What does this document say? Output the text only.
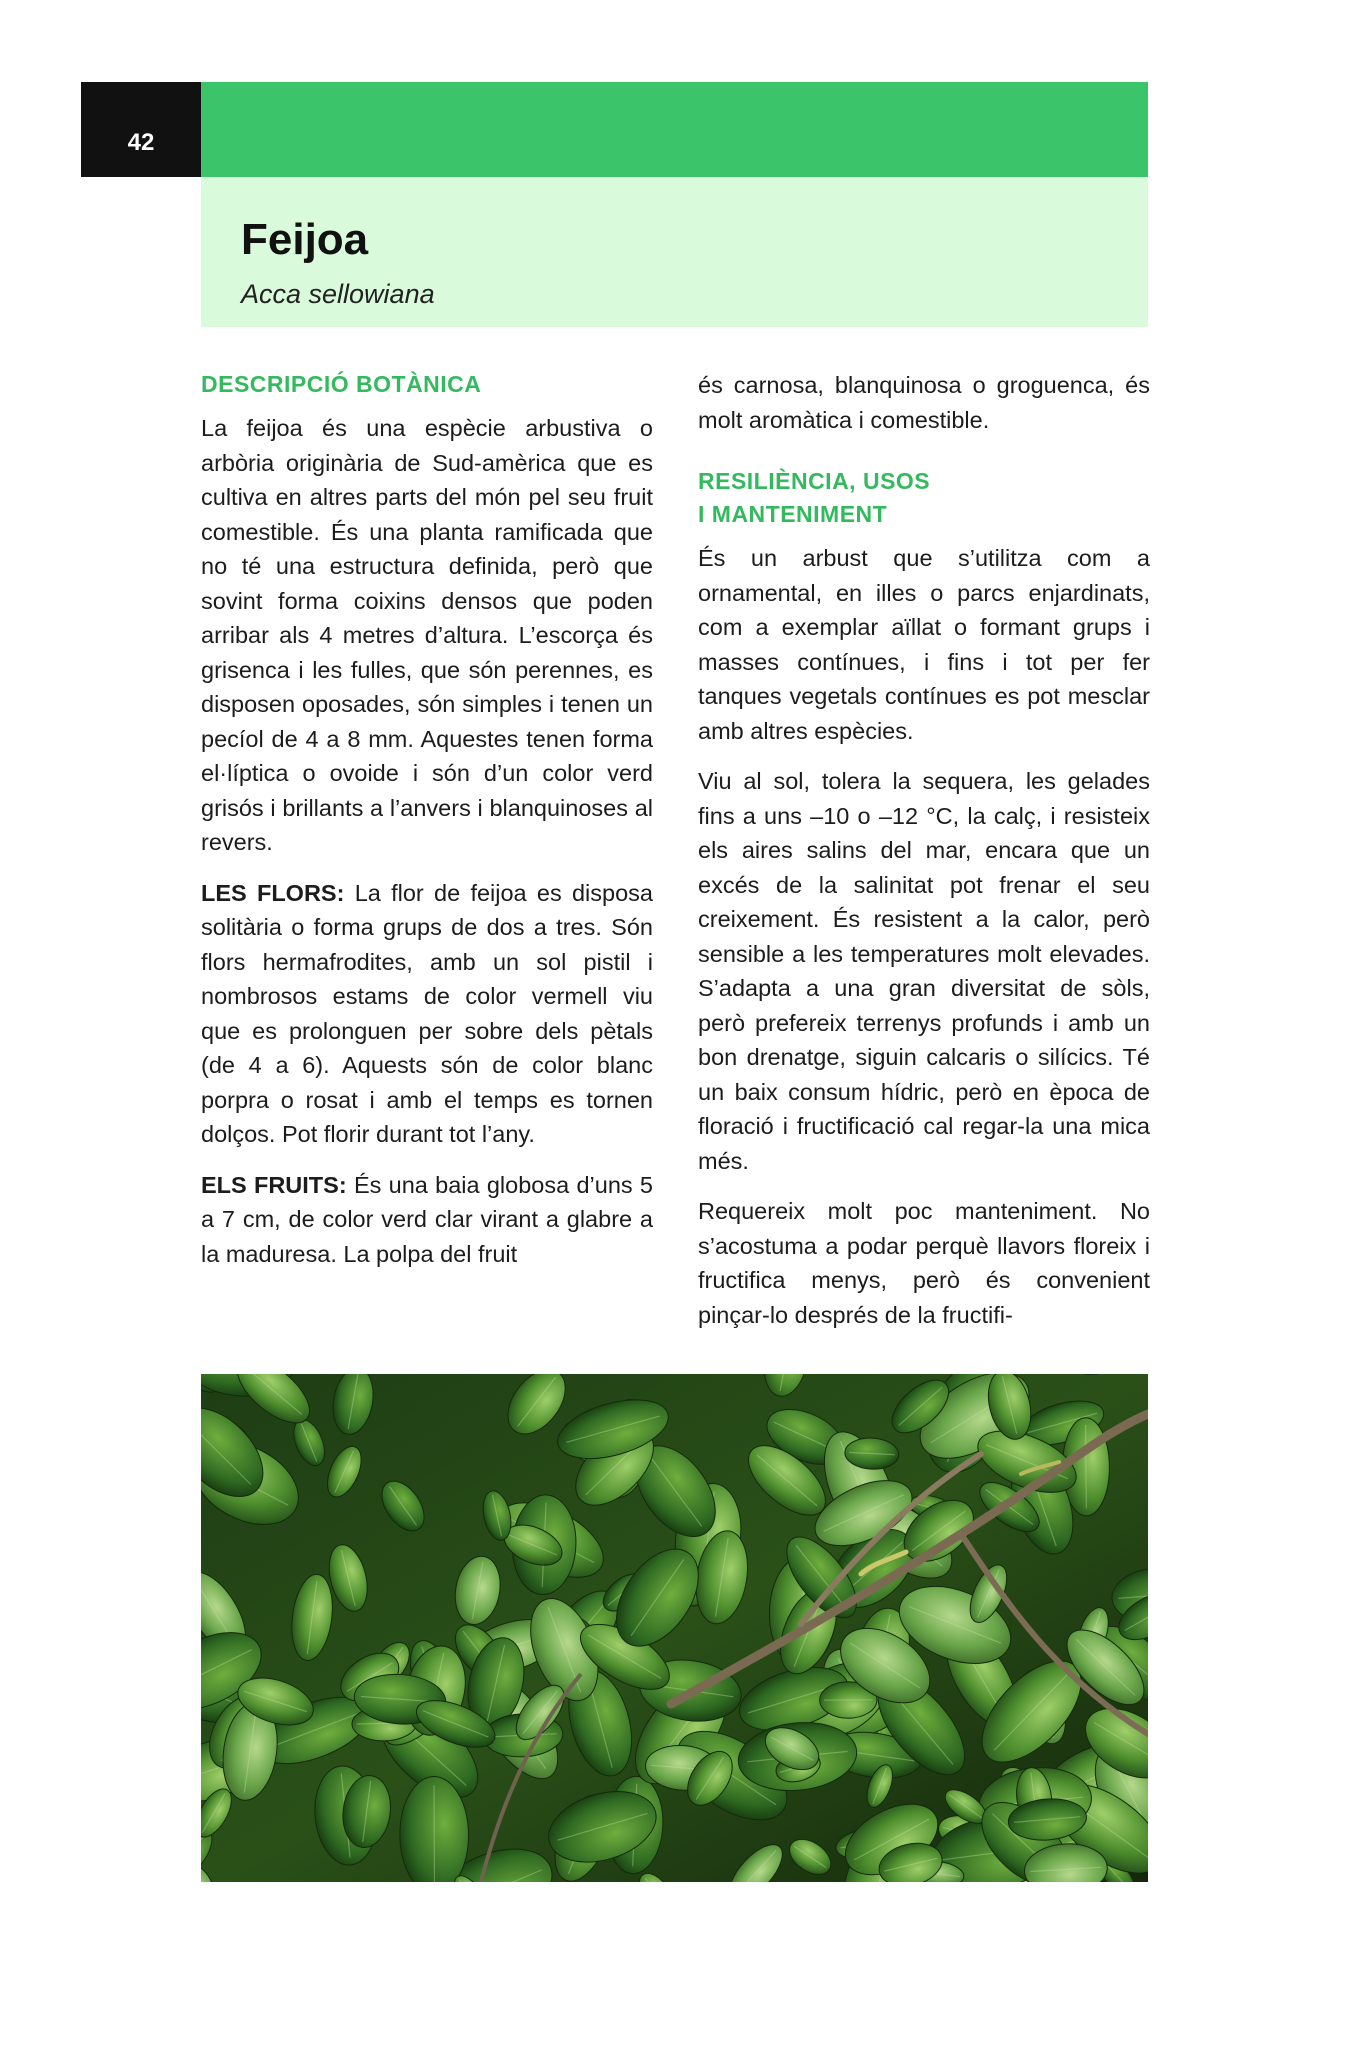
42
Feijoa

Acca sellowiana

DESCRIPCIÓ BOTÀNICA

La feijoa és una espècie arbustiva o arbòria originària de Sud-amèrica que es cultiva en altres parts del món pel seu fruit comestible. És una planta ramificada que no té una estructura definida, però que sovint forma coixins densos que poden arribar als 4 metres d’altura. L’escorça és grisenca i les fulles, que són perennes, es disposen oposades, són simples i tenen un pecíol de 4 a 8 mm. Aquestes tenen forma el·líptica o ovoide i són d’un color verd grisós i brillants a l’anvers i blanquinoses al revers.

LES FLORS: La flor de feijoa es disposa solitària o forma grups de dos a tres. Són flors hermafrodites, amb un sol pistil i nombrosos estams de color vermell viu que es prolonguen per sobre dels pètals (de 4 a 6). Aquests són de color blanc porpra o rosat i amb el temps es tornen dolços. Pot florir durant tot l’any.

ELS FRUITS: És una baia globosa d’uns 5 a 7 cm, de color verd clar virant a glabre a la maduresa. La polpa del fruit

és carnosa, blanquinosa o groguenca, és molt aromàtica i comestible.

RESILIÈNCIA, USOS
I MANTENIMENT

És un arbust que s’utilitza com a ornamental, en illes o parcs enjardinats, com a exemplar aïllat o formant grups i masses contínues, i fins i tot per fer tanques vegetals contínues es pot mesclar amb altres espècies.

Viu al sol, tolera la sequera, les gelades fins a uns –10 o –12 °C, la calç, i resisteix els aires salins del mar, encara que un excés de la salinitat pot frenar el seu creixement. És resistent a la calor, però sensible a les temperatures molt elevades. S’adapta a una gran diversitat de sòls, però prefereix terrenys profunds i amb un bon drenatge, siguin calcaris o silícics. Té un baix consum hídric, però en època de floració i fructificació cal regar-la una mica més.

Requereix molt poc manteniment. No s’acostuma a podar perquè llavors floreix i fructifica menys, però és convenient pinçar-lo després de la fructifi-
